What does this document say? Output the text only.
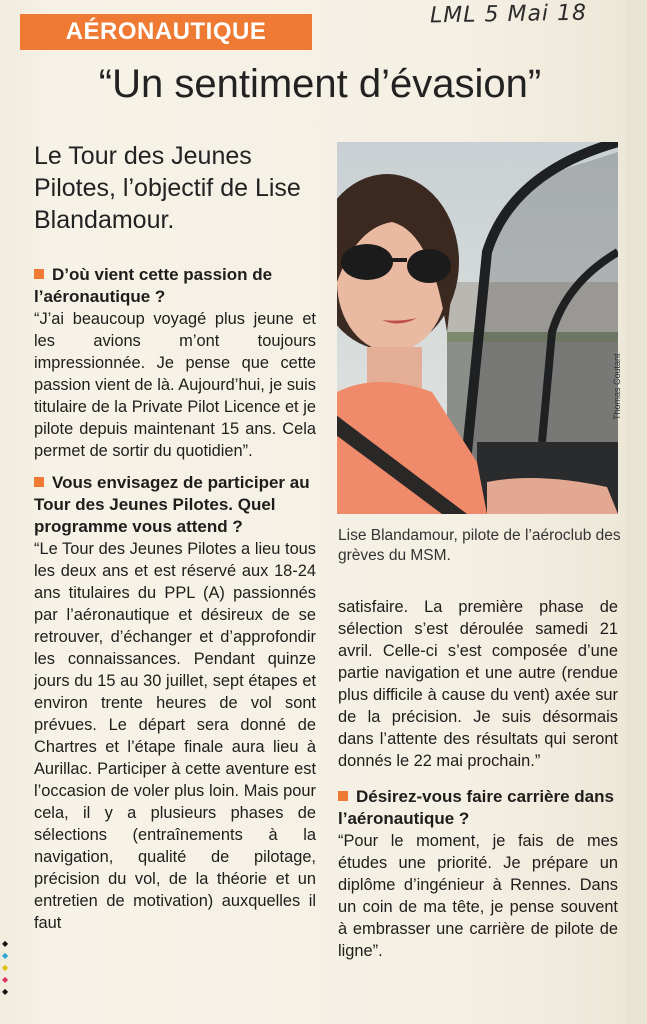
AÉRONAUTIQUE
LML 5 Mai 18
“Un sentiment d’évasion”
Le Tour des Jeunes Pilotes, l’objectif de Lise Blandamour.

D’où vient cette passion de l’aéronautique ?

“J’ai beaucoup voyagé plus jeune et les avions m’ont toujours impressionnée. Je pense que cette passion vient de là. Aujourd’hui, je suis titulaire de la Private Pilot Licence et je pilote depuis maintenant 15 ans. Cela permet de sortir du quotidien”.

Vous envisagez de participer au Tour des Jeunes Pilotes. Quel programme vous attend ?

“Le Tour des Jeunes Pilotes a lieu tous les deux ans et est réservé aux 18-24 ans titulaires du PPL (A) passionnés par l’aéronautique et désireux de se retrouver, d’échanger et d’approfondir les connaissances. Pendant quinze jours du 15 au 30 juillet, sept étapes et environ trente heures de vol sont prévues. Le départ sera donné de Chartres et l’étape finale aura lieu à Aurillac. Participer à cette aventure est l’occasion de voler plus loin. Mais pour cela, il y a plusieurs phases de sélections (entraînements à la navigation, qualité de pilotage, précision du vol, de la théorie et un entretien de motivation) auxquelles il faut

Thomas Coutant
Lise Blandamour, pilote de l’aéroclub des grèves du MSM.

satisfaire. La première phase de sélection s’est déroulée samedi 21 avril. Celle-ci s’est composée d’une partie navigation et une autre (rendue plus difficile à cause du vent) axée sur de la précision. Je suis désormais dans l’attente des résultats qui seront donnés le 22 mai prochain.”

Désirez-vous faire carrière dans l’aéronautique ?

“Pour le moment, je fais de mes études une priorité. Je prépare un diplôme d’ingénieur à Rennes. Dans un coin de ma tête, je pense souvent à embrasser une carrière de pilote de ligne”.

◆
◆
◆
◆
◆
